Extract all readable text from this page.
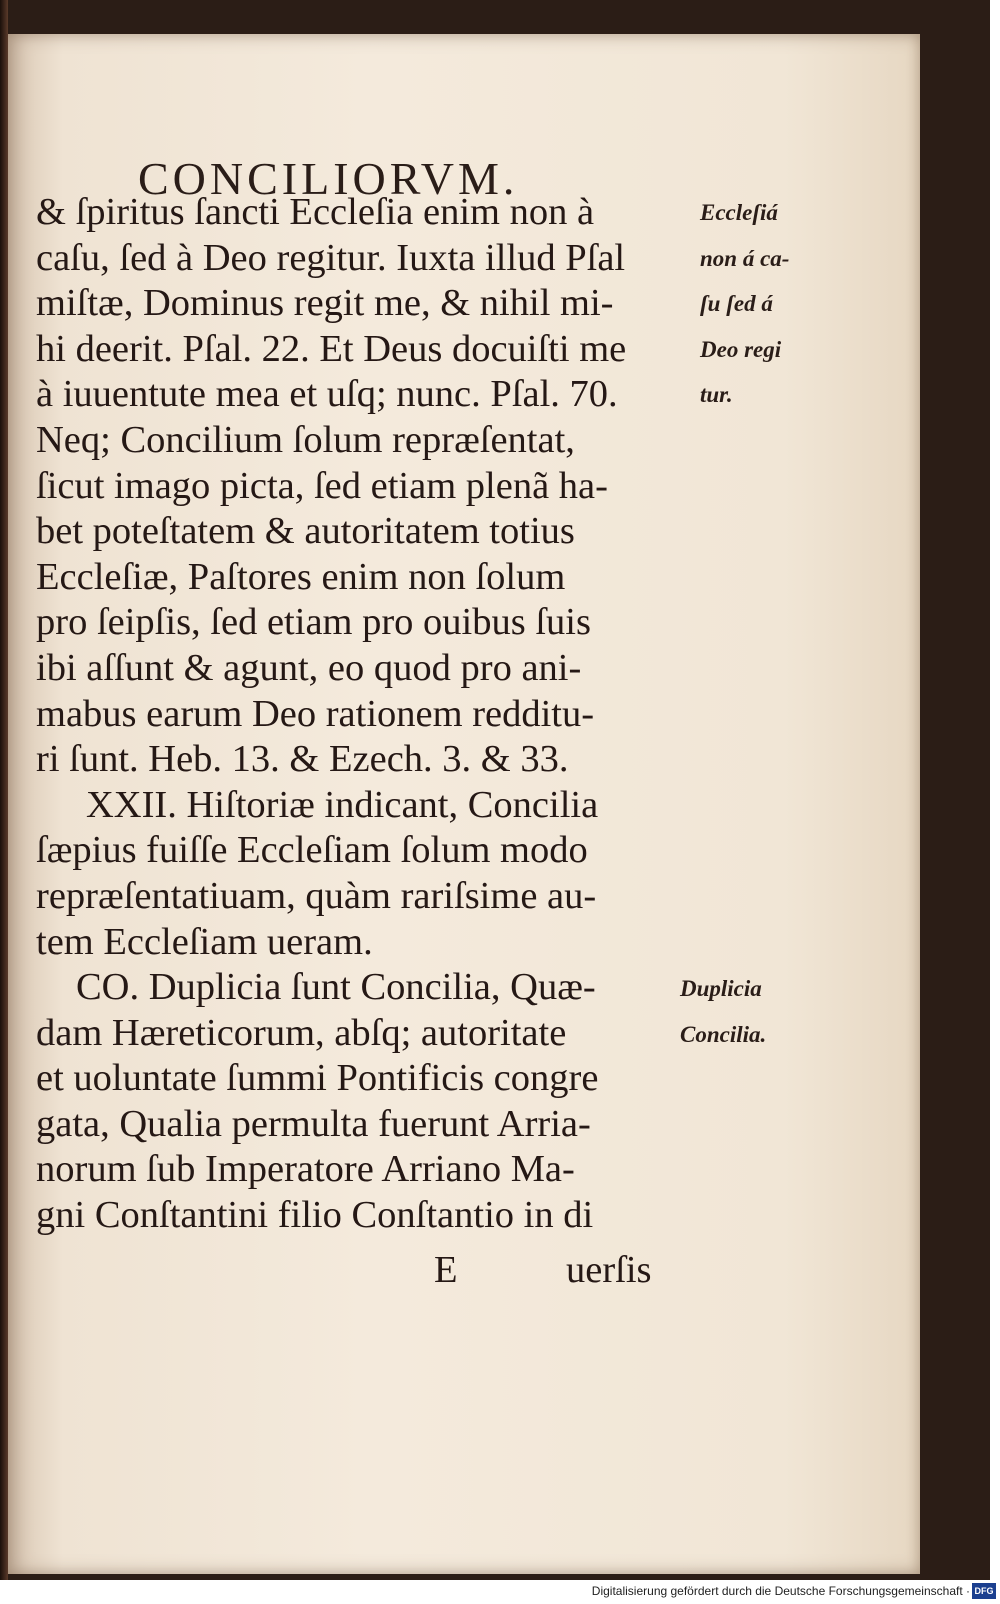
CONCILIORVM.
& ſpiritus ſancti Eccleſia enim non à
caſu, ſed à Deo regitur. Iuxta illud Pſal
miſtæ, Dominus regit me, & nihil mi-
hi deerit. Pſal. 22. Et Deus docuiſti me
à iuuentute mea et uſq; nunc. Pſal. 70.
Neq; Concilium ſolum repræſentat,
ſicut imago picta, ſed etiam plenã ha-
bet poteſtatem & autoritatem totius
Eccleſiæ, Paſtores enim non ſolum
pro ſeipſis, ſed etiam pro ouibus ſuis
ibi aſſunt & agunt, eo quod pro ani-
mabus earum Deo rationem redditu-
ri ſunt. Heb. 13. & Ezech. 3. & 33.
XXII. Hiſtoriæ indicant, Concilia
ſæpius fuiſſe Eccleſiam ſolum modo
repræſentatiuam, quàm rariſsime au-
tem Eccleſiam ueram.
CO. Duplicia ſunt Concilia, Quæ-
dam Hæreticorum, abſq; autoritate
et uoluntate ſummi Pontificis congre
gata, Qualia permulta fuerunt Arria-
norum ſub Imperatore Arriano Ma-
gni Conſtantini filio Conſtantio in di
Eccleſiá
non á ca-
ſu ſed á
Deo regi
tur.
Duplicia
Concilia.
E	uerſis
Digitalisierung gefördert durch die Deutsche Forschungsgemeinschaft · DFG
